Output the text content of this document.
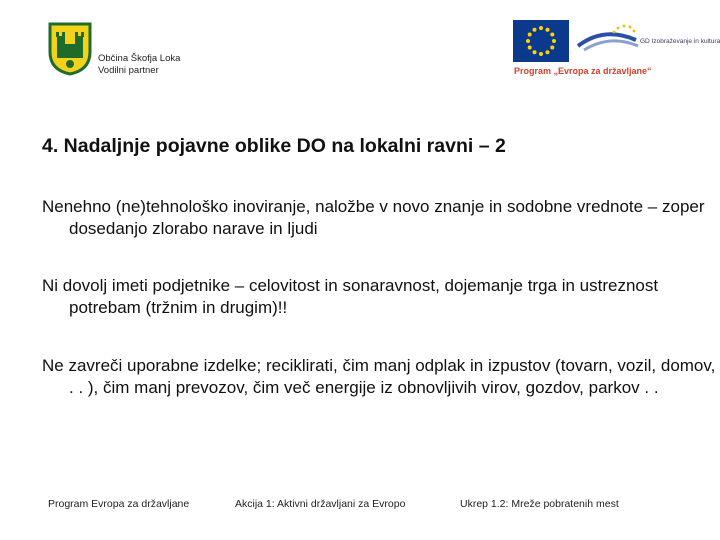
Občina Škofja Loka
Vodilni partner
GD Izobraževanje in kultura
Program „Evropa za državljane“
4. Nadaljnje pojavne oblike DO na lokalni ravni – 2

Nenehno (ne)tehnološko inoviranje, naložbe v novo znanje in sodobne vrednote – zoper dosedanjo zlorabo narave in ljudi

Ni dovolj imeti podjetnike – celovitost in sonaravnost, dojemanje trga in ustreznost potrebam (tržnim in drugim)!!

Ne zavreči uporabne izdelke; reciklirati, čim manj odplak in izpustov (tovarn, vozil, domov, . . ), čim manj prevozov, čim več energije iz obnovljivih virov, gozdov, parkov . .

Program Evropa za državljane	Akcija 1: Aktivni državljani za Evropo	Ukrep 1.2: Mreže pobratenih mest
